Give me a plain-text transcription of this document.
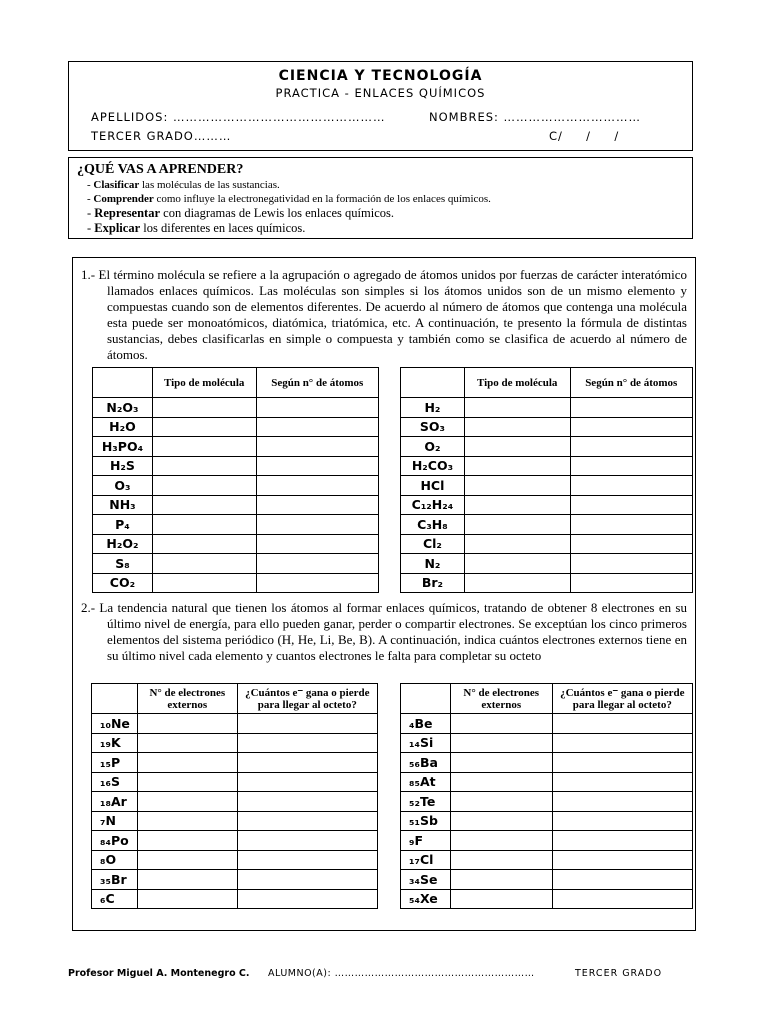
CIENCIA Y TECNOLOGÍA
PRACTICA - ENLACES QUÍMICOS
APELLIDOS: ……………………………………………	NOMBRES: ……………………………
TERCER GRADO………	C/     /     /
¿QUÉ VAS A APRENDER?
- Clasificar las moléculas de las sustancias.
- Comprender como influye la electronegatividad en la formación de los enlaces químicos.
- Representar con diagramas de Lewis los enlaces químicos.
- Explicar los diferentes en laces químicos.
1.- El término molécula se refiere a la agrupación o agregado de átomos unidos por fuerzas de carácter interatómico llamados enlaces químicos. Las moléculas son simples si los átomos unidos son de un mismo elemento y compuestas cuando son de elementos diferentes. De acuerdo al número de átomos que contenga una molécula esta puede ser monoatómicos, diatómica, triatómica, etc. A continuación, te presento la fórmula de distintas sustancias, debes clasificarlas en simple o compuesta y también como se clasifica de acuerdo al número de átomos.
	Tipo de molécula	Según n° de átomos
N₂O₃		
H₂O		
H₃PO₄		
H₂S		
O₃		
NH₃		
P₄		
H₂O₂		
S₈		
CO₂		
	Tipo de molécula	Según n° de átomos
H₂		
SO₃		
O₂		
H₂CO₃		
HCl		
C₁₂H₂₄		
C₃H₈		
Cl₂		
N₂		
Br₂		
2.- La tendencia natural que tienen los átomos al formar enlaces químicos, tratando de obtener 8 electrones en su último nivel de energía, para ello pueden ganar, perder o compartir electrones. Se exceptúan los cinco primeros elementos del sistema periódico (H, He, Li, Be, B). A continuación, indica cuántos electrones externos tiene en su último nivel cada elemento y cuantos electrones le falta para completar su octeto
	N° de electrones externos	¿Cuántos e⁻ gana o pierde para llegar al octeto?
₁₀Ne		
₁₉K		
₁₅P		
₁₆S		
₁₈Ar		
₇N		
₈₄Po		
₈O		
₃₅Br		
₆C		
	N° de electrones externos	¿Cuántos e⁻ gana o pierde para llegar al octeto?
₄Be		
₁₄Si		
₅₆Ba		
₈₅At		
₅₂Te		
₅₁Sb		
₉F		
₁₇Cl		
₃₄Se		
₅₄Xe		
Profesor Miguel A. Montenegro C. ALUMNO(A): ……………………………………………………	TERCER GRADO
